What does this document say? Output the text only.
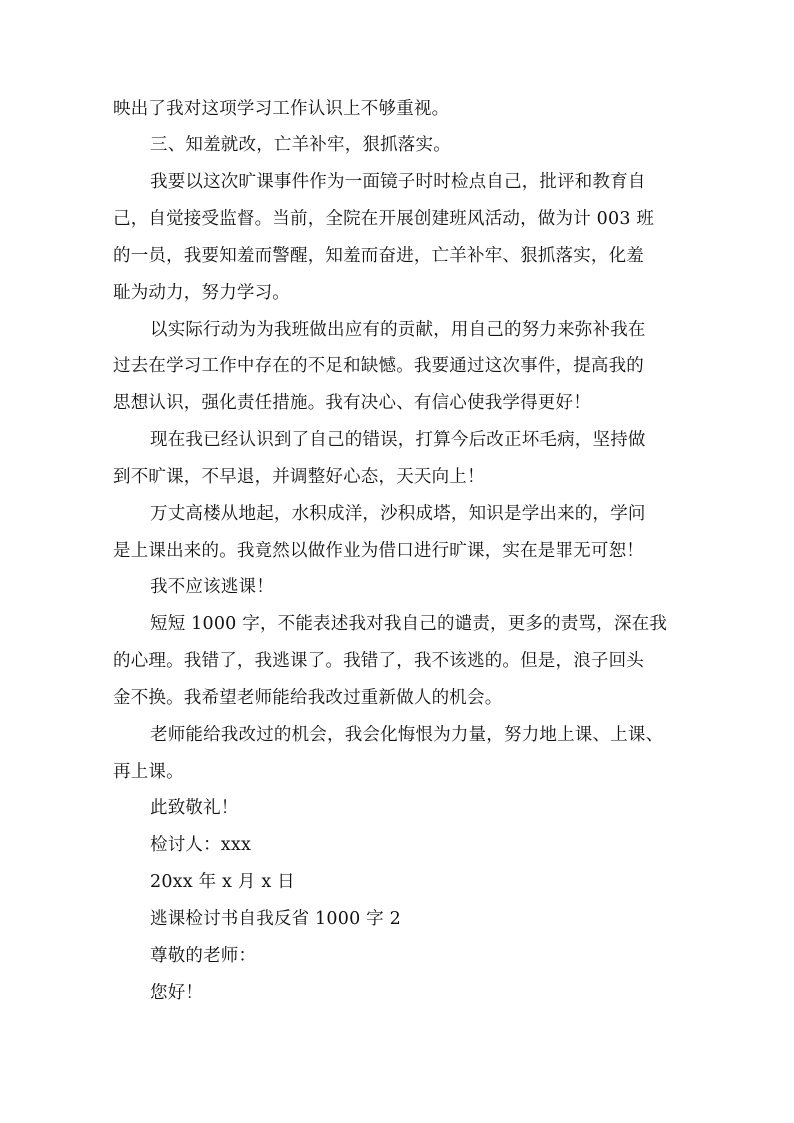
映出了我对这项学习工作认识上不够重视。
三、知羞就改，亡羊补牢，狠抓落实。
我要以这次旷课事件作为一面镜子时时检点自己，批评和教育自
己，自觉接受监督。当前，全院在开展创建班风活动，做为计 003 班
的一员，我要知羞而警醒，知羞而奋进，亡羊补牢、狠抓落实，化羞
耻为动力，努力学习。
以实际行动为为我班做出应有的贡献，用自己的努力来弥补我在
过去在学习工作中存在的不足和缺憾。我要通过这次事件，提高我的
思想认识，强化责任措施。我有决心、有信心使我学得更好！
现在我已经认识到了自己的错误，打算今后改正坏毛病，坚持做
到不旷课，不早退，并调整好心态，天天向上！
万丈高楼从地起，水积成洋，沙积成塔，知识是学出来的，学问
是上课出来的。我竟然以做作业为借口进行旷课，实在是罪无可恕！
我不应该逃课！
短短 1000 字，不能表述我对我自己的谴责，更多的责骂，深在我
的心理。我错了，我逃课了。我错了，我不该逃的。但是，浪子回头
金不换。我希望老师能给我改过重新做人的机会。
老师能给我改过的机会，我会化悔恨为力量，努力地上课、上课、
再上课。
此致敬礼！
检讨人：xxx
20xx 年 x 月 x 日
逃课检讨书自我反省 1000 字 2
尊敬的老师：
您好！
